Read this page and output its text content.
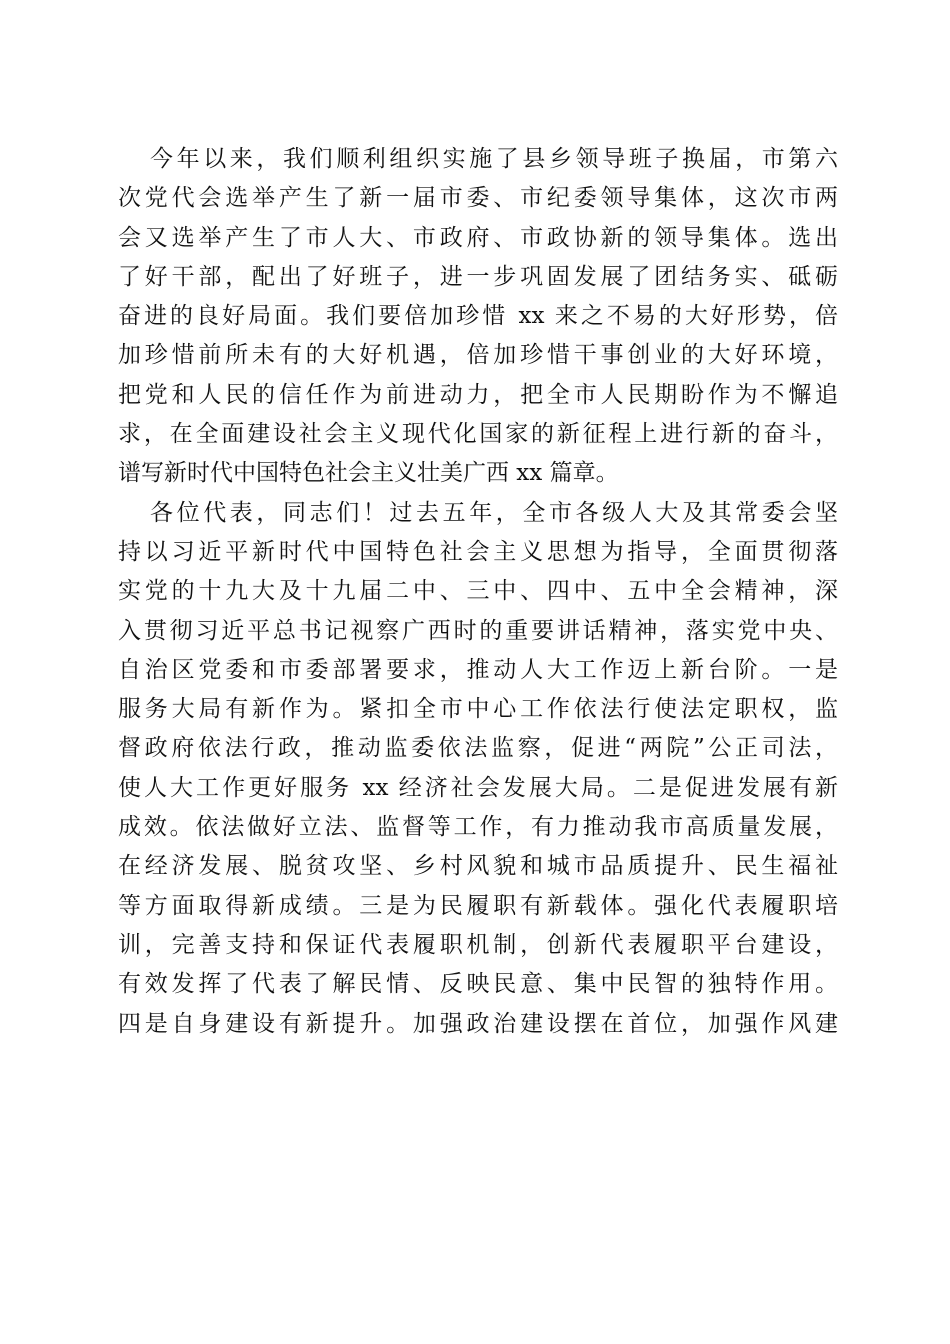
今年以来，我们顺利组织实施了县乡领导班子换届，市第六
次党代会选举产生了新一届市委、市纪委领导集体，这次市两
会又选举产生了市人大、市政府、市政协新的领导集体。选出
了好干部，配出了好班子，进一步巩固发展了团结务实、砥砺
奋进的良好局面。我们要倍加珍惜 xx 来之不易的大好形势，倍
加珍惜前所未有的大好机遇，倍加珍惜干事创业的大好环境，
把党和人民的信任作为前进动力，把全市人民期盼作为不懈追
求，在全面建设社会主义现代化国家的新征程上进行新的奋斗，
谱写新时代中国特色社会主义壮美广西 xx 篇章。
各位代表，同志们！过去五年，全市各级人大及其常委会坚
持以习近平新时代中国特色社会主义思想为指导，全面贯彻落
实党的十九大及十九届二中、三中、四中、五中全会精神，深
入贯彻习近平总书记视察广西时的重要讲话精神，落实党中央、
自治区党委和市委部署要求，推动人大工作迈上新台阶。一是
服务大局有新作为。紧扣全市中心工作依法行使法定职权，监
督政府依法行政，推动监委依法监察，促进“两院”公正司法，
使人大工作更好服务 xx 经济社会发展大局。二是促进发展有新
成效。依法做好立法、监督等工作，有力推动我市高质量发展，
在经济发展、脱贫攻坚、乡村风貌和城市品质提升、民生福祉
等方面取得新成绩。三是为民履职有新载体。强化代表履职培
训，完善支持和保证代表履职机制，创新代表履职平台建设，
有效发挥了代表了解民情、反映民意、集中民智的独特作用。
四是自身建设有新提升。加强政治建设摆在首位，加强作风建
